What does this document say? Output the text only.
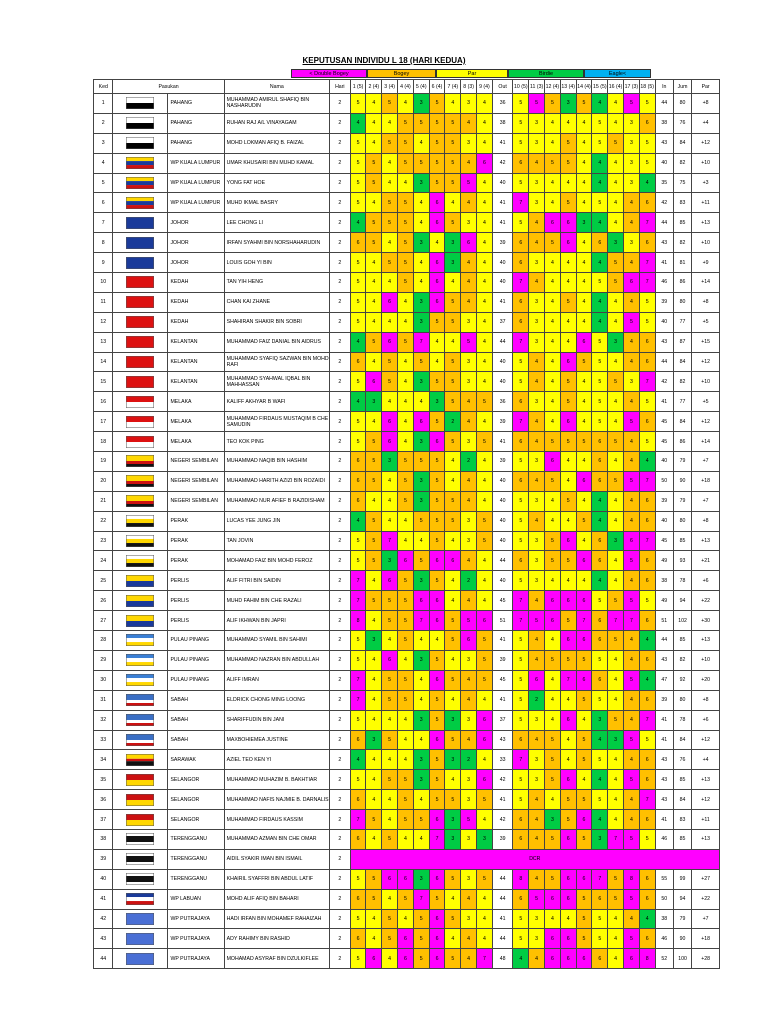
KEPUTUSAN INDIVIDU L 18 (HARI KEDUA)
< Double Bogey	Bogey	Par	Birdie	Eagle<
Ked	Pasukan		Nama	Hari	1 (5)	2 (4)	3 (4)	4 (4)	5 (4)	6 (4)	7 (4)	8 (3)	9 (4)	Out	10 (5)	11 (3)	12 (4)	13 (4)	14 (4)	15 (5)	16 (4)	17 (3)	18 (5)	In	Jum	Par
1		PAHANG	MUHAMMAD AMIRUL SHAFIQ BIN NASHARUDIN	2	5	4	5	4	3	5	4	3	4	36	5	5	5	3	5	4	4	5	5	44	80	+8
2		PAHANG	RUHAN RAJ A/L VINAYAGAM	2	4	4	4	5	5	5	5	4	4	38	5	3	4	4	4	5	4	3	6	38	76	+4
3		PAHANG	MOHD LOKMAN AFIQ B. FAIZAL	2	5	4	5	5	4	5	5	3	4	41	5	3	4	5	4	5	5	3	5	43	84	+12
4		WP KUALA LUMPUR	UMAR KHUSAIRI BIN MUHD KAMAL	2	5	5	4	5	5	5	5	4	6	42	6	4	5	5	4	4	4	3	5	40	82	+10
5		WP KUALA LUMPUR	YONG FAT HOE	2	5	5	4	4	3	5	5	5	4	40	5	3	4	4	4	4	4	3	4	35	75	+3
6		WP KUALA LUMPUR	MUHD IKMAL BASRY	2	5	4	5	5	4	6	4	4	4	41	7	3	4	5	4	5	4	4	6	42	83	+11
7		JOHOR	LEE CHONG LI	2	4	5	5	5	4	6	5	3	4	41	5	4	6	6	3	4	4	4	7	44	85	+13
8		JOHOR	IRFAN SYAHMI BIN NORSHAHARUDIN	2	6	5	4	5	3	4	3	6	4	39	6	4	5	6	4	6	3	3	6	43	82	+10
9		JOHOR	LOUIS GOH YI BIN	2	5	4	5	5	4	6	3	4	4	40	6	3	4	4	4	4	5	4	7	41	81	+9
10		KEDAH	TAN YIH HENG	2	5	4	4	5	4	6	4	4	4	40	7	4	4	4	4	5	5	6	7	46	86	+14
11		KEDAH	CHAN KAI ZHANE	2	5	4	6	4	3	6	5	4	4	41	6	3	4	5	4	4	4	4	5	39	80	+8
12		KEDAH	SHAHIRAN SHAKIR BIN SOBRI	2	5	4	4	4	3	5	5	3	4	37	6	3	4	4	4	4	4	5	5	40	77	+5
13		KELANTAN	MUHAMMAD FAIZ DANIAL BIN AIDRUS	2	4	5	6	5	7	4	4	5	4	44	7	3	4	4	6	5	3	4	6	43	87	+15
14		KELANTAN	MUHAMMAD SYAFIQ SAZWAN BIN MOHD RAFI	2	6	4	5	4	5	4	5	3	4	40	5	4	4	6	5	5	4	4	6	44	84	+12
15		KELANTAN	MUHAMMAD SYAHWAL IQBAL BIN MAHHASSAN	2	5	6	5	4	3	5	5	3	4	40	5	4	4	5	4	5	5	3	7	42	82	+10
16		MELAKA	KALIFF AKHYAR B WAFI	2	4	3	4	4	4	3	5	4	5	36	6	3	4	5	4	5	4	4	5	41	77	+5
17		MELAKA	MUHAMMAD FIRDAUS MUSTAQIM B CHE SAMUDIN	2	5	4	6	4	6	5	2	4	4	39	7	4	4	6	4	5	4	5	6	45	84	+12
18		MELAKA	TEO KOK PING	2	5	5	6	4	3	6	5	3	5	41	6	4	5	5	5	6	5	4	5	45	86	+14
19		NEGERI SEMBILAN	MUHAMMAD NAQIB BIN HASHIM	2	6	5	3	5	5	5	4	2	4	39	5	3	6	4	4	6	4	4	4	40	79	+7
20		NEGERI SEMBILAN	MUHAMMAD HARITH AZIZI BIN ROZAIDI	2	6	5	4	5	3	5	4	4	4	40	6	4	5	4	6	6	5	5	7	50	90	+18
21		NEGERI SEMBILAN	MUHAMMAD NUR AFIEF B RAZIDISHAM	2	6	4	4	5	3	5	5	4	4	40	5	3	4	5	4	4	4	4	6	39	79	+7
22		PERAK	LUCAS YEE JUNG JIN	2	4	5	4	4	5	5	5	3	5	40	5	4	4	4	5	4	4	4	6	40	80	+8
23		PERAK	TAN JOVIN	2	5	5	7	4	4	5	4	3	5	40	5	3	5	6	4	6	3	6	7	45	85	+13
24		PERAK	MOHAMAD FAIZ BIN MOHD FEROZ	2	5	5	3	6	5	6	6	4	4	44	6	3	5	5	6	6	4	5	6	49	93	+21
25		PERLIS	ALIF FITRI BIN SAIDIN	2	7	4	6	5	3	5	4	2	4	40	5	3	4	4	4	4	4	4	6	38	78	+6
26		PERLIS	MUHD FAHIM BIN CHE RAZALI	2	7	5	5	5	6	6	4	4	4	45	7	4	6	6	6	5	5	5	5	49	94	+22
27		PERLIS	ALIF IKHWAN BIN JAPRI	2	8	4	5	5	7	6	5	5	6	51	7	5	6	5	7	6	7	7	6	51	102	+30
28		PULAU PINANG	MUHAMMAD SYAMIL BIN SAHIMI	2	5	3	4	5	4	4	5	6	5	41	5	4	4	6	6	6	5	4	4	44	85	+13
29		PULAU PINANG	MUHAMMAD NAZRAN BIN ABDULLAH	2	5	4	6	4	3	5	4	3	5	39	5	4	5	5	5	5	4	4	6	43	82	+10
30		PULAU PINANG	ALIFF IMRAN	2	7	4	5	5	4	6	5	4	5	45	5	6	4	7	6	6	4	5	4	47	92	+20
31		SABAH	ELDRICK CHONG MING LOONG	2	7	4	5	5	4	5	4	4	4	41	5	2	4	4	5	5	4	4	6	39	80	+8
32		SABAH	SHARIFFUDIN BIN JANI	2	5	4	4	4	3	5	3	3	6	37	5	3	4	6	4	3	5	4	7	41	78	+6
33		SABAH	MAXBOHIEMEA JUSTINE	2	6	3	5	4	4	6	5	4	6	43	6	4	5	4	5	4	3	5	5	41	84	+12
34		SARAWAK	AZIEL TEO KEN YI	2	4	4	4	4	3	5	3	2	4	33	7	3	5	4	5	5	4	4	6	43	76	+4
35		SELANGOR	MUHAMMAD MUHAZIM B. BAKHTIAR	2	5	4	5	5	3	5	4	3	6	42	5	3	5	6	4	4	4	5	6	43	85	+13
36		SELANGOR	MUHAMMAD NAFIS NAJMIE B. DARNALIS	2	6	4	4	5	4	5	5	3	5	41	5	4	4	5	5	5	4	4	7	43	84	+12
37		SELANGOR	MUHAMMAD FIRDAUS KASSIM	2	7	5	4	5	5	6	3	5	4	42	6	4	3	5	6	4	4	4	6	41	83	+11
38		TERENGGANU	MUHAMMAD AZMAN BIN CHE OMAR	2	6	4	5	4	4	7	3	3	3	39	6	4	5	6	5	3	7	5	5	46	85	+13
39		TERENGGANU	AIDIL SYAKIR IMAN BIN ISMAIL	2	DCR																					
40		TERENGGANU	KHAIRIL SYAFFRI BIN ABDUL LATIF	2	5	5	6	6	3	6	5	3	5	44	8	4	5	6	6	7	5	8	6	55	99	+27
41		WP LABUAN	MOHD ALIF AFIQ BIN BAHARI	2	6	5	4	5	7	5	4	4	4	44	6	5	6	6	5	6	5	5	6	50	94	+22
42		WP PUTRAJAYA	HADI IRFAN BIN MOHAMEF RAHAIZAH	2	5	4	5	4	5	6	5	3	4	41	5	3	4	4	5	5	4	4	4	38	79	+7
43		WP PUTRAJAYA	ADY RAHIMY BIN RASHID	2	6	4	5	6	5	6	4	4	4	44	5	3	6	6	5	5	4	5	6	46	90	+18
44		WP PUTRAJAYA	MOHAMAD ASYRAF BIN DZULKIFLEE	2	5	6	4	6	5	6	5	4	7	48	4	4	6	6	6	6	4	6	8	52	100	+28
